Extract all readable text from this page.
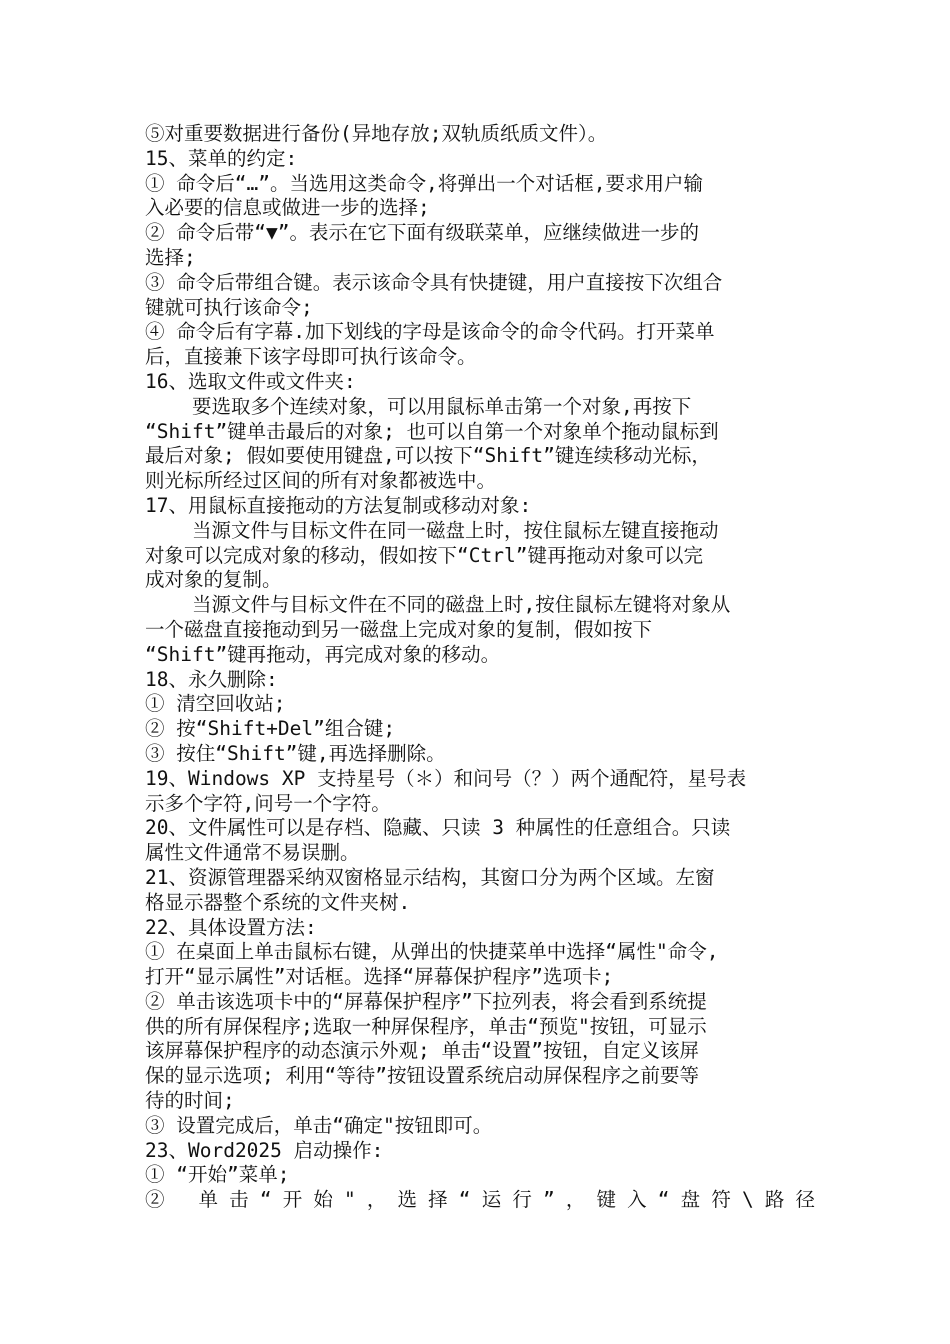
⑤对重要数据进行备份(异地存放;双轨质纸质文件）。
15、菜单的约定:
① 命令后“…”。当选用这类命令,将弹出一个对话框,要求用户输
入必要的信息或做进一步的选择;
② 命令后带“▼”。表示在它下面有级联菜单，应继续做进一步的
选择;
③ 命令后带组合键。表示该命令具有快捷键，用户直接按下次组合
键就可执行该命令;
④ 命令后有字幕.加下划线的字母是该命令的命令代码。打开菜单
后，直接兼下该字母即可执行该命令。
16、选取文件或文件夹:
要选取多个连续对象，可以用鼠标单击第一个对象,再按下
“Shift”键单击最后的对象; 也可以自第一个对象单个拖动鼠标到
最后对象; 假如要使用键盘,可以按下“Shift”键连续移动光标，
则光标所经过区间的所有对象都被选中。
17、用鼠标直接拖动的方法复制或移动对象:
当源文件与目标文件在同一磁盘上时，按住鼠标左键直接拖动
对象可以完成对象的移动，假如按下“Ctrl”键再拖动对象可以完
成对象的复制。
当源文件与目标文件在不同的磁盘上时,按住鼠标左键将对象从
一个磁盘直接拖动到另一磁盘上完成对象的复制，假如按下
“Shift”键再拖动，再完成对象的移动。
18、永久删除:
① 清空回收站;
② 按“Shift+Del”组合键;
③ 按住“Shift”键,再选择删除。
19、Windows XP 支持星号（＊）和问号（？）两个通配符，星号表
示多个字符,问号一个字符。
20、文件属性可以是存档、隐藏、只读 3 种属性的任意组合。只读
属性文件通常不易误删。
21、资源管理器采纳双窗格显示结构，其窗口分为两个区域。左窗
格显示器整个系统的文件夹树.
22、具体设置方法:
① 在桌面上单击鼠标右键，从弹出的快捷菜单中选择“属性"命令,
打开“显示属性”对话框。选择“屏幕保护程序”选项卡;
② 单击该选项卡中的“屏幕保护程序”下拉列表，将会看到系统提
供的所有屏保程序;选取一种屏保程序，单击“预览"按钮，可显示
该屏幕保护程序的动态演示外观; 单击“设置”按钮，自定义该屏
保的显示选项; 利用“等待”按钮设置系统启动屏保程序之前要等
待的时间;
③ 设置完成后，单击“确定"按钮即可。
23、Word2025 启动操作:
① “开始”菜单;
② 单击“开始"，选择“运行”，键入“盘符\路径
